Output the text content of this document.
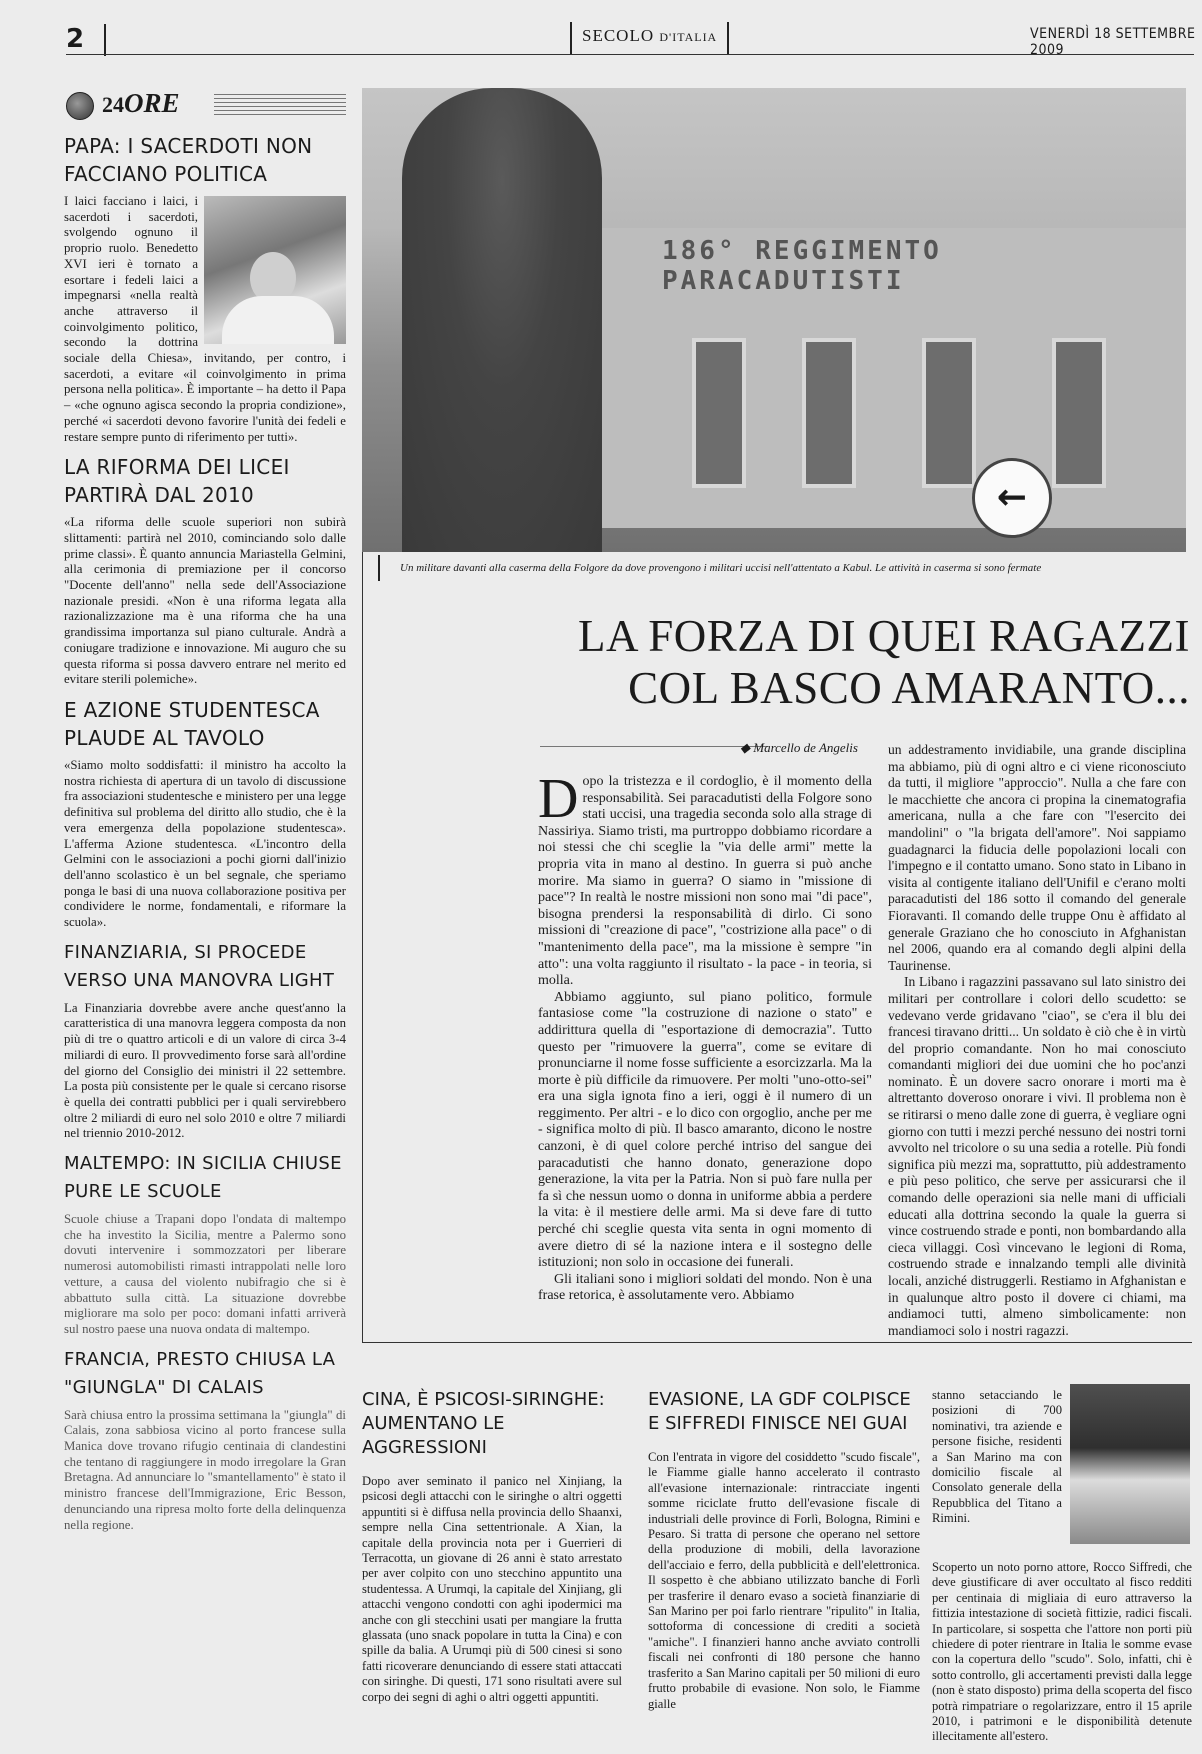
2	SECOLO D'ITALIA	VENERDÌ 18 SETTEMBRE 2009
24ORE
PAPA: I SACERDOTI NON FACCIANO POLITICA
I laici facciano i laici, i sacerdoti i sacerdoti, svolgendo ognuno il proprio ruolo. Benedetto XVI ieri è tornato a esortare i fedeli laici a impegnarsi «nella realtà anche attraverso il coinvolgimento politico, secondo la dottrina sociale della Chiesa», invitando, per contro, i sacerdoti, a evitare «il coinvolgimento in prima persona nella politica». È importante – ha detto il Papa – «che ognuno agisca secondo la propria condizione», perché «i sacerdoti devono favorire l'unità dei fedeli e restare sempre punto di riferimento per tutti».
LA RIFORMA DEI LICEI PARTIRÀ DAL 2010
«La riforma delle scuole superiori non subirà slittamenti: partirà nel 2010, cominciando solo dalle prime classi». È quanto annuncia Mariastella Gelmini, alla cerimonia di premiazione per il concorso "Docente dell'anno" nella sede dell'Associazione nazionale presidi. «Non è una riforma legata alla razionalizzazione ma è una riforma che ha una grandissima importanza sul piano culturale. Andrà a coniugare tradizione e innovazione. Mi auguro che su questa riforma si possa davvero entrare nel merito ed evitare sterili polemiche».
E AZIONE STUDENTESCA PLAUDE AL TAVOLO
«Siamo molto soddisfatti: il ministro ha accolto la nostra richiesta di apertura di un tavolo di discussione fra associazioni studentesche e ministero per una legge definitiva sul problema del diritto allo studio, che è la vera emergenza della popolazione studentesca». L'afferma Azione studentesca. «L'incontro della Gelmini con le associazioni a pochi giorni dall'inizio dell'anno scolastico è un bel segnale, che speriamo ponga le basi di una nuova collaborazione positiva per condividere le norme, fondamentali, e riformare la scuola».
FINANZIARIA, SI PROCEDE VERSO UNA MANOVRA LIGHT
La Finanziaria dovrebbe avere anche quest'anno la caratteristica di una manovra leggera composta da non più di tre o quattro articoli e di un valore di circa 3-4 miliardi di euro. Il provvedimento forse sarà all'ordine del giorno del Consiglio dei ministri il 22 settembre. La posta più consistente per le quale si cercano risorse è quella dei contratti pubblici per i quali servirebbero oltre 2 miliardi di euro nel solo 2010 e oltre 7 miliardi nel triennio 2010-2012.
MALTEMPO: IN SICILIA CHIUSE PURE LE SCUOLE
Scuole chiuse a Trapani dopo l'ondata di maltempo che ha investito la Sicilia, mentre a Palermo sono dovuti intervenire i sommozzatori per liberare numerosi automobilisti rimasti intrappolati nelle loro vetture, a causa del violento nubifragio che si è abbattuto sulla città. La situazione dovrebbe migliorare ma solo per poco: domani infatti arriverà sul nostro paese una nuova ondata di maltempo.
FRANCIA, PRESTO CHIUSA LA "GIUNGLA" DI CALAIS
Sarà chiusa entro la prossima settimana la "giungla" di Calais, zona sabbiosa vicino al porto francese sulla Manica dove trovano rifugio centinaia di clandestini che tentano di raggiungere in modo irregolare la Gran Bretagna. Ad annunciare lo "smantellamento" è stato il ministro francese dell'Immigrazione, Eric Besson, denunciando una ripresa molto forte della delinquenza nella regione.
186° REGGIMENTO PARACADUTISTI
←
Un militare davanti alla caserma della Folgore da dove provengono i militari uccisi nell'attentato a Kabul. Le attività in caserma si sono fermate
LA FORZA DI QUEI RAGAZZI
COL BASCO AMARANTO...
◆ Marcello de Angelis

Dopo la tristezza e il cordoglio, è il momento della responsabilità. Sei paracadutisti della Folgore sono stati uccisi, una tragedia seconda solo alla strage di Nassiriya. Siamo tristi, ma purtroppo dobbiamo ricordare a noi stessi che chi sceglie la "via delle armi" mette la propria vita in mano al destino. In guerra si può anche morire. Ma siamo in guerra? O siamo in "missione di pace"? In realtà le nostre missioni non sono mai "di pace", bisogna prendersi la responsabilità di dirlo. Ci sono missioni di "creazione di pace", "costrizione alla pace" o di "mantenimento della pace", ma la missione è sempre "in atto": una volta raggiunto il risultato - la pace - in teoria, si molla.

Abbiamo aggiunto, sul piano politico, formule fantasiose come "la costruzione di nazione o stato" e addirittura quella di "esportazione di democrazia". Tutto questo per "rimuovere la guerra", come se evitare di pronunciarne il nome fosse sufficiente a esorcizzarla. Ma la morte è più difficile da rimuovere. Per molti "uno-otto-sei" era una sigla ignota fino a ieri, oggi è il numero di un reggimento. Per altri - e lo dico con orgoglio, anche per me - significa molto di più. Il basco amaranto, dicono le nostre canzoni, è di quel colore perché intriso del sangue dei paracadutisti che hanno donato, generazione dopo generazione, la vita per la Patria. Non si può fare nulla per fa sì che nessun uomo o donna in uniforme abbia a perdere la vita: è il mestiere delle armi. Ma si deve fare di tutto perché chi sceglie questa vita senta in ogni momento di avere dietro di sé la nazione intera e il sostegno delle istituzioni; non solo in occasione dei funerali.

Gli italiani sono i migliori soldati del mondo. Non è una frase retorica, è assolutamente vero. Abbiamo

un addestramento invidiabile, una grande disciplina ma abbiamo, più di ogni altro e ci viene riconosciuto da tutti, il migliore "approccio". Nulla a che fare con le macchiette che ancora ci propina la cinematografia americana, nulla a che fare con "l'esercito dei mandolini" o "la brigata dell'amore". Noi sappiamo guadagnarci la fiducia delle popolazioni locali con l'impegno e il contatto umano. Sono stato in Libano in visita al contigente italiano dell'Unifil e c'erano molti paracadutisti del 186 sotto il comando del generale Fioravanti. Il comando delle truppe Onu è affidato al generale Graziano che ho conosciuto in Afghanistan nel 2006, quando era al comando degli alpini della Taurinense.

In Libano i ragazzini passavano sul lato sinistro dei militari per controllare i colori dello scudetto: se vedevano verde gridavano "ciao", se c'era il blu dei francesi tiravano dritti... Un soldato è ciò che è in virtù del proprio comandante. Non ho mai conosciuto comandanti migliori dei due uomini che ho poc'anzi nominato. È un dovere sacro onorare i morti ma è altrettanto doveroso onorare i vivi. Il problema non è se ritirarsi o meno dalle zone di guerra, è vegliare ogni giorno con tutti i mezzi perché nessuno dei nostri torni avvolto nel tricolore o su una sedia a rotelle. Più fondi significa più mezzi ma, soprattutto, più addestramento e più peso politico, che serve per assicurarsi che il comando delle operazioni sia nelle mani di ufficiali educati alla dottrina secondo la quale la guerra si vince costruendo strade e ponti, non bombardando alla cieca villaggi. Così vincevano le legioni di Roma, costruendo strade e innalzando templi alle divinità locali, anziché distruggerli. Restiamo in Afghanistan e in qualunque altro posto il dovere ci chiami, ma andiamoci tutti, almeno simbolicamente: non mandiamoci solo i nostri ragazzi.

CINA, È PSICOSI-SIRINGHE: AUMENTANO LE AGGRESSIONI
Dopo aver seminato il panico nel Xinjiang, la psicosi degli attacchi con le siringhe o altri oggetti appuntiti si è diffusa nella provincia dello Shaanxi, sempre nella Cina settentrionale. A Xian, la capitale della provincia nota per i Guerrieri di Terracotta, un giovane di 26 anni è stato arrestato per aver colpito con uno stecchino appuntito una studentessa. A Urumqi, la capitale del Xinjiang, gli attacchi vengono condotti con aghi ipodermici ma anche con gli stecchini usati per mangiare la frutta glassata (uno snack popolare in tutta la Cina) e con spille da balia. A Urumqi più di 500 cinesi si sono fatti ricoverare denunciando di essere stati attaccati con siringhe. Di questi, 171 sono risultati avere sul corpo dei segni di aghi o altri oggetti appuntiti.
EVASIONE, LA GDF COLPISCE E SIFFREDI FINISCE NEI GUAI
Con l'entrata in vigore del cosiddetto "scudo fiscale", le Fiamme gialle hanno accelerato il contrasto all'evasione internazionale: rintracciate ingenti somme riciclate frutto dell'evasione fiscale di industriali delle province di Forlì, Bologna, Rimini e Pesaro. Si tratta di persone che operano nel settore della produzione di mobili, della lavorazione dell'acciaio e ferro, della pubblicità e dell'elettronica. Il sospetto è che abbiano utilizzato banche di Forlì per trasferire il denaro evaso a società finanziarie di San Marino per poi farlo rientrare "ripulito" in Italia, sottoforma di concessione di crediti a società "amiche". I finanzieri hanno anche avviato controlli fiscali nei confronti di 180 persone che hanno trasferito a San Marino capitali per 50 milioni di euro frutto probabile di evasione. Non solo, le Fiamme gialle
stanno setacciando le posizioni di 700 nominativi, tra aziende e persone fisiche, residenti a San Marino ma con domicilio fiscale al Consolato generale della Repubblica del Titano a Rimini.
Scoperto un noto porno attore, Rocco Siffredi, che deve giustificare di aver occultato al fisco redditi per centinaia di migliaia di euro attraverso la fittizia intestazione di società fittizie, radici fiscali. In particolare, si sospetta che l'attore non porti più chiedere di poter rientrare in Italia le somme evase con la copertura dello "scudo". Solo, infatti, chi è sotto controllo, gli accertamenti previsti dalla legge (non è stato disposto) prima della scoperta del fisco potrà rimpatriare o regolarizzare, entro il 15 aprile 2010, i patrimoni e le disponibilità detenute illecitamente all'estero.
